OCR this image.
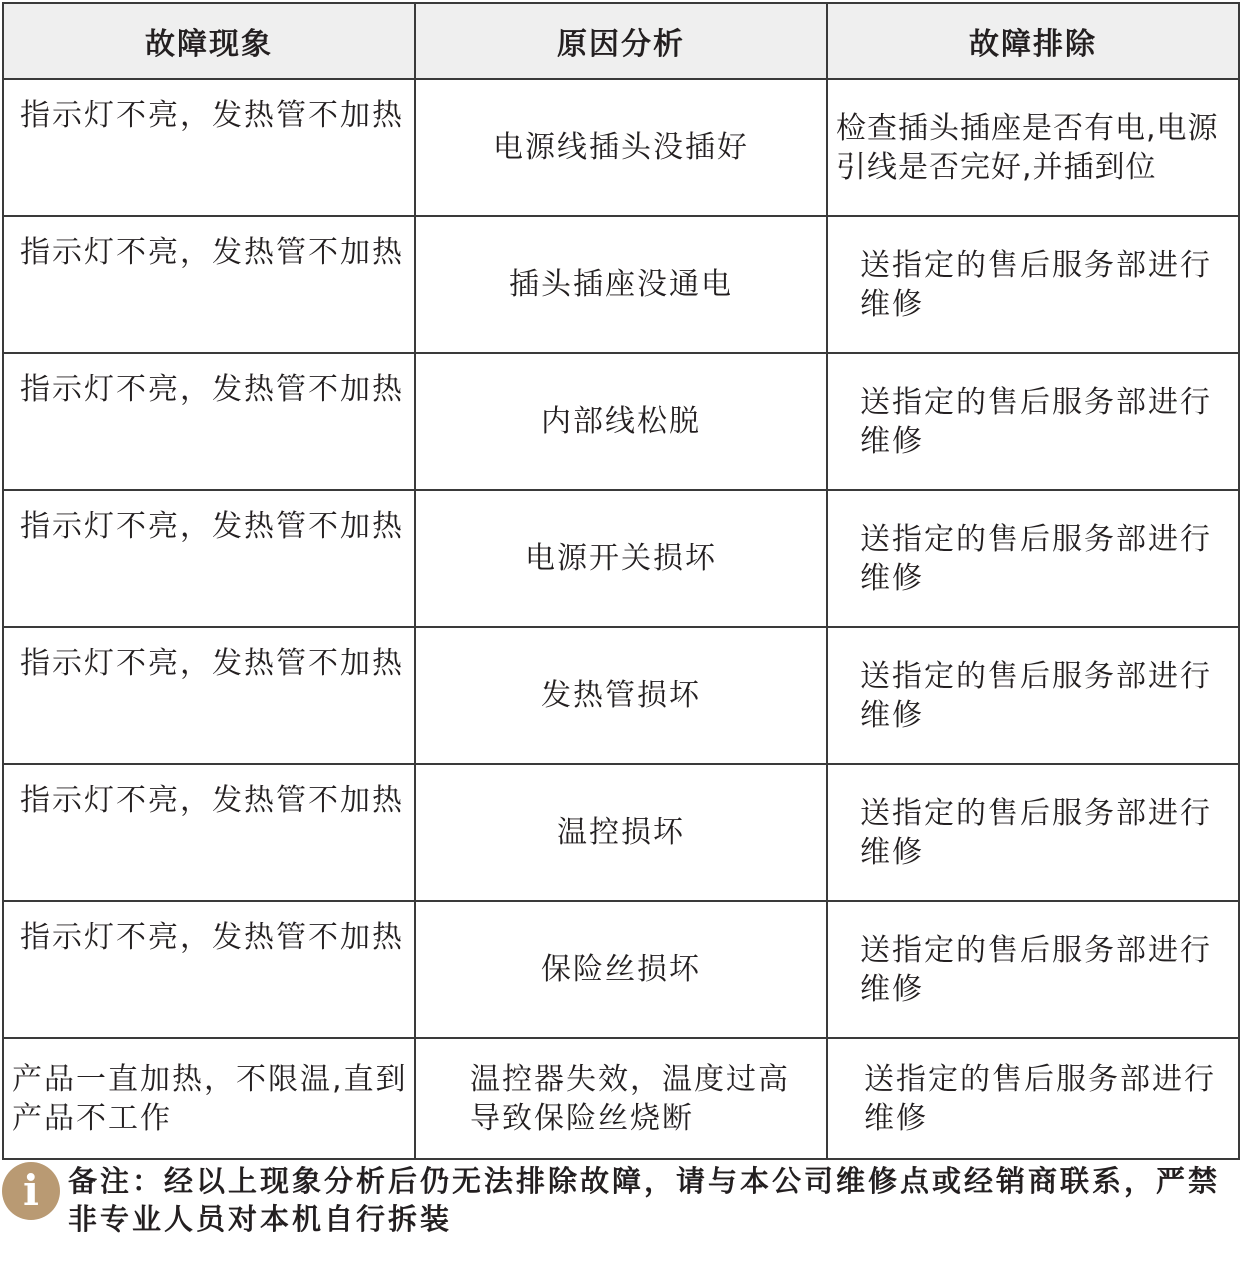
故障现象	原因分析	故障排除
指示灯不亮，发热管不加热	电源线插头没插好	检查插头插座是否有电,电源引线是否完好,并插到位
指示灯不亮，发热管不加热	插头插座没通电	送指定的售后服务部进行维修
指示灯不亮，发热管不加热	内部线松脱	送指定的售后服务部进行维修
指示灯不亮，发热管不加热	电源开关损坏	送指定的售后服务部进行维修
指示灯不亮，发热管不加热	发热管损坏	送指定的售后服务部进行维修
指示灯不亮，发热管不加热	温控损坏	送指定的售后服务部进行维修
指示灯不亮，发热管不加热	保险丝损坏	送指定的售后服务部进行维修
产品一直加热，不限温,直到产品不工作	温控器失效，温度过高导致保险丝烧断	送指定的售后服务部进行维修
i	备注：经以上现象分析后仍无法排除故障，请与本公司维修点或经销商联系，严禁非专业人员对本机自行拆装
